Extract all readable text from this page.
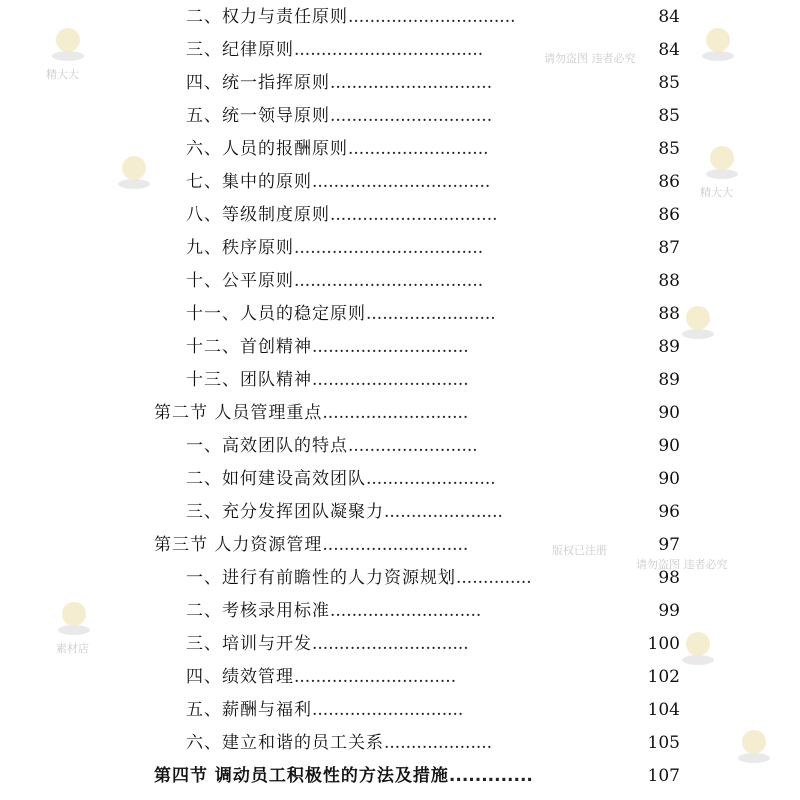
精大大
精大大
素材店
版权已注册
请勿盗图 违者必究
请勿盗图 违者必究
二、权力与责任原则...............................	84
三、纪律原则...................................	84
四、统一指挥原则..............................	85
五、统一领导原则..............................	85
六、人员的报酬原则..........................	85
七、集中的原则.................................	86
八、等级制度原则...............................	86
九、秩序原则...................................	87
十、公平原则...................................	88
十一、人员的稳定原则........................	88
十二、首创精神.............................	89
十三、团队精神.............................	89
第二节 人员管理重点...........................	90
一、高效团队的特点........................	90
二、如何建设高效团队........................	90
三、充分发挥团队凝聚力......................	96
第三节 人力资源管理...........................	97
一、进行有前瞻性的人力资源规划..............	98
二、考核录用标准............................	99
三、培训与开发.............................	100
四、绩效管理..............................	102
五、薪酬与福利............................	104
六、建立和谐的员工关系....................	105
第四节 调动员工积极性的方法及措施.............	107
